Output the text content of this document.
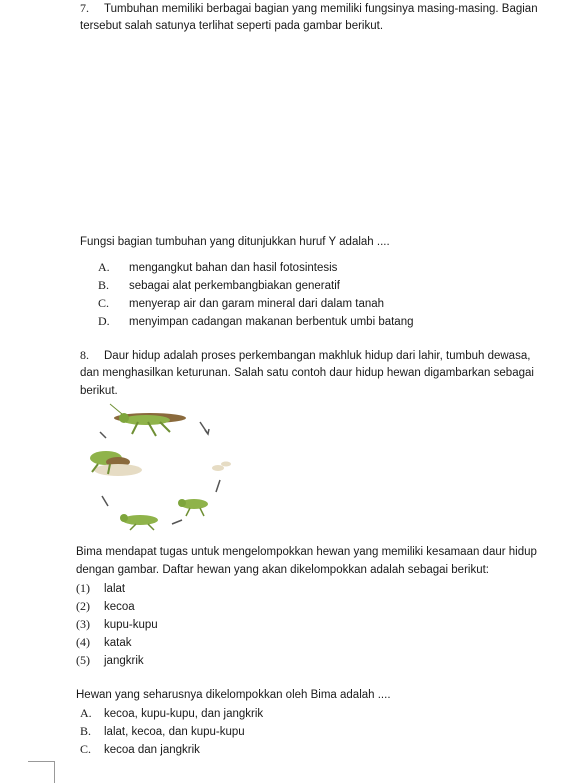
7. Tumbuhan memiliki berbagai bagian yang memiliki fungsinya masing-masing. Bagian
tersebut salah satunya terlihat seperti pada gambar berikut.
Fungsi bagian tumbuhan yang ditunjukkan huruf Y adalah ....
A. mengangkut bahan dan hasil fotosintesis
B. sebagai alat perkembangbiakan generatif
C. menyerap air dan garam mineral dari dalam tanah
D. menyimpan cadangan makanan berbentuk umbi batang
8. Daur hidup adalah proses perkembangan makhluk hidup dari lahir, tumbuh dewasa,
dan menghasilkan keturunan. Salah satu contoh daur hidup hewan digambarkan sebagai
berikut.
Bima mendapat tugas untuk mengelompokkan hewan yang memiliki kesamaan daur hidup
dengan gambar. Daftar hewan yang akan dikelompokkan adalah sebagai berikut:
(1) lalat
(2) kecoa
(3) kupu-kupu
(4) katak
(5) jangkrik
Hewan yang seharusnya dikelompokkan oleh Bima adalah ....
A. kecoa, kupu-kupu, dan jangkrik
B. lalat, kecoa, dan kupu-kupu
C. kecoa dan jangkrik
